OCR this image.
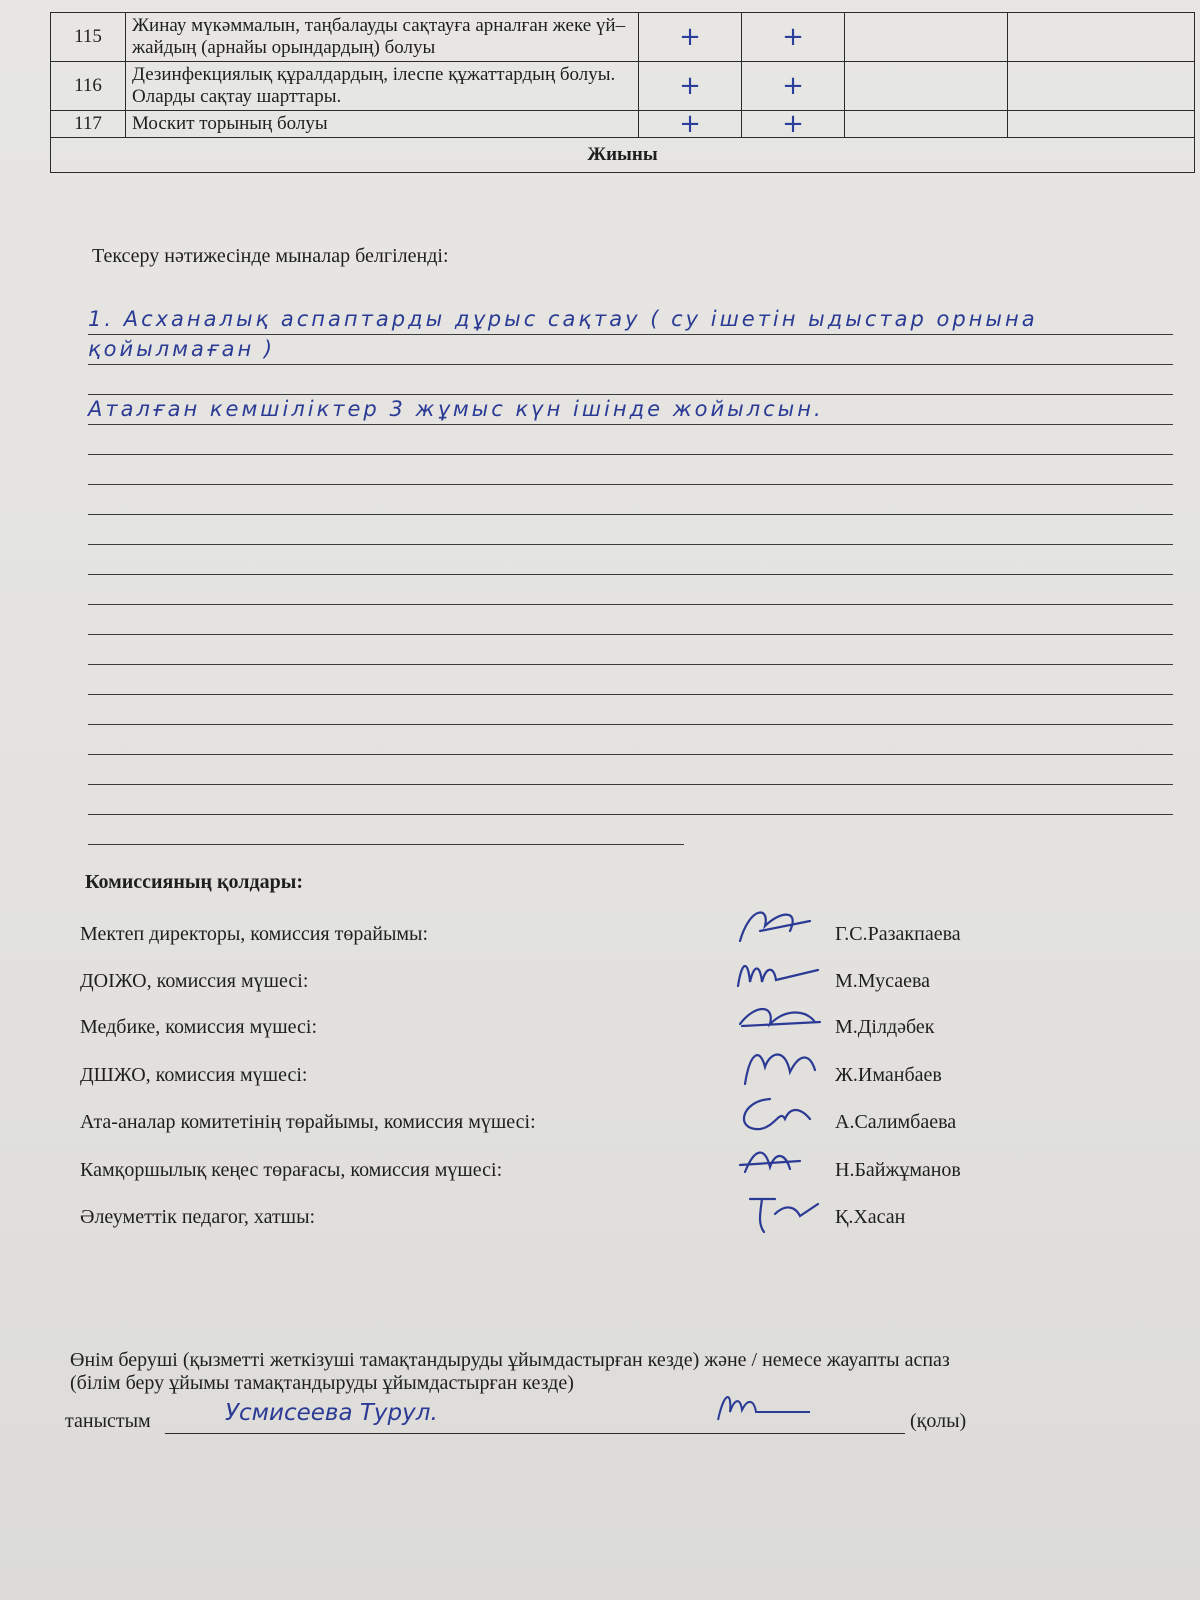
115	Жинау мүкәммалын, таңбалауды сақтауға арналған жеке үй–жайдың (арнайы орындардың) болуы	+	+		
116	Дезинфекциялық құралдардың, ілеспе құжаттардың болуы. Оларды сақтау шарттары.	+	+		
117	Москит торының болуы	+	+		
Жиыны					
Тексеру нәтижесінде мыналар белгіленді:
1. Асханалық аспаптарды дұрыс сақтау ( су ішетін ыдыстар орнына
қойылмаған )
Аталған кемшіліктер 3 жұмыс күн ішінде жойылсын.
Комиссияның қолдары:
Мектеп директоры, комиссия төрайымы:	Г.С.Разакпаева
ДОІЖО, комиссия мүшесі:	М.Мусаева
Медбике, комиссия мүшесі:	М.Ділдәбек
ДШЖО, комиссия мүшесі:	Ж.Иманбаев
Ата-аналар комитетінің төрайымы, комиссия мүшесі:	А.Салимбаева
Камқоршылық кеңес төрағасы, комиссия мүшесі:	Н.Байжұманов
Әлеуметтік педагог, хатшы:	Қ.Хасан
Өнім беруші (қызметті жеткізуші тамақтандыруды ұйымдастырған кезде) және / немесе жауапты аспаз
(білім беру ұйымы тамақтандыруды ұйымдастырған кезде)
таныстым	Усмисеева Турул.	(қолы)
